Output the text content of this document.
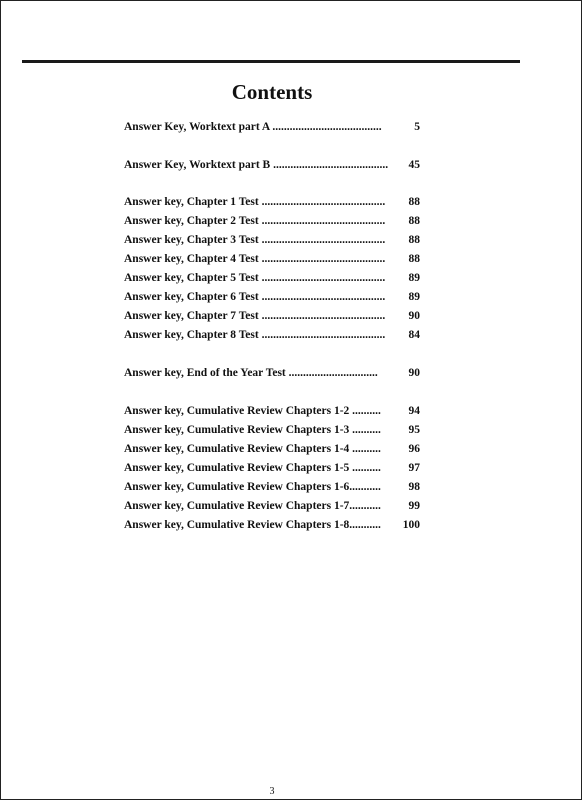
Contents
Answer Key, Worktext part A ......................................	5
Answer Key, Worktext part B ........................................ 45
Answer key, Chapter 1 Test ........................................... 88
Answer key, Chapter 2 Test ........................................... 88
Answer key, Chapter 3 Test ........................................... 88
Answer key, Chapter 4 Test ........................................... 88
Answer key, Chapter 5 Test ........................................... 89
Answer key, Chapter 6 Test ........................................... 89
Answer key, Chapter 7 Test ........................................... 90
Answer key, Chapter 8 Test ........................................... 84
Answer key, End of the Year Test ...............................	90
Answer key, Cumulative Review Chapters 1-2 .......... 94
Answer key, Cumulative Review Chapters 1-3 .......... 95
Answer key, Cumulative Review Chapters 1-4 .......... 96
Answer key, Cumulative Review Chapters 1-5 .......... 97
Answer key, Cumulative Review Chapters 1-6........... 98
Answer key, Cumulative Review Chapters 1-7........... 99
Answer key, Cumulative Review Chapters 1-8........... 100
3
